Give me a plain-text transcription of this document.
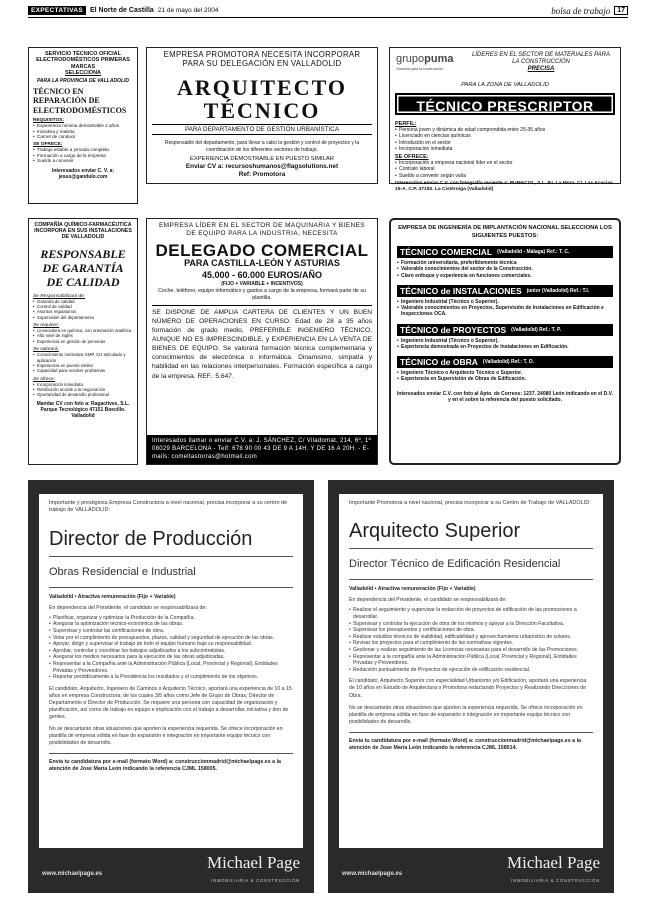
EXPECTATIVAS	El Norte de Castilla 21 de mayo del 2004	bolsa de trabajo	17
SERVICIO TÉCNICO OFICIAL ELECTRODOMÉSTICOS PRIMERAS MARCAS
SELECCIONA
PARA LA PROVINCIA DE VALLADOLID
TÉCNICO EN REPARACIÓN DE ELECTRODOMÉSTICOS
REQUISITOS:
• Experiencia mínima demostrable 2 años
• Iniciativa y realista
• Carnet de conducir
SE OFRECE:
• Trabajo estable a jornada completa
• Formación a cargo de la empresa
• Sueldo a convenir
Interesados enviar C. V. a: jesus@gandulo.com
EMPRESA PROMOTORA NECESITA INCORPORAR PARA SU DELEGACIÓN EN VALLADOLID
ARQUITECTO TÉCNICO
PARA DEPARTAMENTO DE GESTIÓN URBANÍSTICA
Responsable del departamento, para llevar a cabo la gestión y control de proyectos y la coordinación de los diferentes sectores de trabajo.
EXPERIENCIA DEMOSTRABLE EN PUESTO SIMILAR
Enviar CV a: recursoshumanos@flagsolutions.net
Ref: Promotora
grupopuma
Garantía para la construcción
LÍDERES EN EL SECTOR DE MATERIALES PARA LA CONSTRUCCIÓN
PRECISA
PARA LA ZONA DE VALLADOLID
TÉCNICO PRESCRIPTOR
PERFIL:
• Persona joven y dinámica de edad comprendida entre 25-35 años
• Licenciado en ciencias químicas
• Introducido en el sector
• Incorporación inmediata
SE OFRECE:
• Incorporación a empresa nacional líder en el sector
• Contrato laboral
• Sueldo a convenir según valía
Interesados enviar C.V. con fotografía reciente a: PUMACOL, S.L. P.I. La Mora. C/. Las Acacias. 15-A. C.P. 47193. La Cistérniga (Valladolid)
COMPAÑÍA QUÍMICO-FARMACÉUTICA INCORPORA EN SUS INSTALACIONES DE VALLADOLID
RESPONSABLE DE GARANTÍA DE CALIDAD
Se Responsabilizará de:
• Garantía de calidad
• Control de calidad
• Asuntos regulatorios
• Supervisión del departamento
Se requiere:
• Licenciatura en química, con orientación analítica
• Alto nivel de inglés
• Experiencia en gestión de personas
Se valorará:
• Conocimiento normativa GMP, CH articulado y aplicación
• Experiencia en puesto similar
• Capacidad para resolver problemas
Se ofrece:
• Incorporación inmediata
• Retribución acorde a la negociación
• Oportunidad de desarrollo profesional
Mandar CV con foto a: Ragactives, S.L. Parque Tecnológico 47151 Boecillo. Valladolid
EMPRESA LÍDER EN EL SECTOR DE MAQUINARIA Y BIENES DE EQUIPO PARA LA INDUSTRIA, NECESITA
DELEGADO COMERCIAL
PARA CASTILLA-LEÓN Y ASTURIAS
45.000 - 60.000 EUROS/AÑO
(FIJO + VARIABLE + INCENTIVOS)
Coche, teléfono, equipo informático y gastos a cargo de la empresa, formará parte de su plantilla.
SE DISPONE DE AMPLIA CARTERA DE CLIENTES Y UN BUEN NÚMERO DE OPERACIONES EN CURSO. Edad de 28 a 35 años formación de grado medio, PREFERIBLE INGENIERO TÉCNICO, AUNQUE NO ES IMPRESCINDIBLE, y EXPERIENCIA EN LA VENTA DE BIENES DE EQUIPO. Se valorará formación técnica complementaria y conocimientos de electrónica o informática. Dinamismo, simpatía y habilidad en las relaciones interpersonales. Formación específica a cargo de la empresa. REF.: 5.647.
Interesados llamar o enviar C.V. a: J. SÁNCHEZ, C/ Viladomat, 214, 6º, 1ª 08029 BARCELONA - Telf: 678 90 00 43 DE 9 A 14H. Y DE 16 A 20H. - E-mails: comeltastorras@hotmail.com
EMPRESA DE INGENIERÍA DE IMPLANTACIÓN NACIONAL SELECCIONA LOS SIGUIENTES PUESTOS:
TÉCNICO COMERCIAL (Valladolid - Málaga) Ref.: T. C.
• Formación universitaria, preferiblemente técnica
• Valorable conocimientos del sector de la Construcción.
• Claro enfoque y experiencia en funciones comerciales.
TÉCNICO de INSTALACIONES junior (Valladolid) Ref.: T.I.
• Ingeniero Industrial (Técnico o Superior).
• Valorable conocimientos en Proyectos, Supervisión de Instalaciones en Edificación e Inspecciones OCA.
TÉCNICO de PROYECTOS (Valladolid) Ref.: T. P.
• Ingeniero Industrial (Técnico o Superior).
• Experiencia demostrada en Proyectos de Instalaciones en Edificación.
TÉCNICO de OBRA (Valladolid) Ref.: T. O.
• Ingeniero Técnico o Arquitecto Técnico o Superior.
• Experiencia en Supervisión de Obras de Edificación.
Interesados enviar C.V. con foto al Apto. de Correos: 1237. 24080 León indicando en el D.V. y en el sobre la referencia del puesto solicitado.
Importante y prestigiosa Empresa Constructora a nivel nacional, precisa incorporar a su centro de trabajo de VALLADOLID:
Director de Producción
Obras Residencial e Industrial
Valladolid • Atractiva remuneración (Fijo + Variable)
En dependencia del Presidente, el candidato se responsabilizará de:
• Planificar, organizar y optimizar la Producción de la Compañía.
• Asegurar la optimización técnico-económica de las obras.
• Supervisar y controlar las certificaciones de obra.
• Velar por el cumplimiento de presupuestos, plazos, calidad y seguridad de ejecución de las obras.
• Apoyar, dirigir y supervisar el trabajo de todo el equipo humano bajo su responsabilidad.
• Aprobar, controlar y coordinar los trabajos adjudicados a los subcontratistas.
• Asegurar los medios necesarios para la ejecución de las obras adjudicadas.
• Representar a la Compañía ante la Administración Pública (Local, Provincial y Regional), Entidades Privadas y Proveedores.
• Reportar periódicamente a la Presidencia los resultados y el cumplimiento de los objetivos.
El candidato, Arquitecto, Ingeniero de Caminos o Arquitecto Técnico, aportará una experiencia de 10 a 15 años en empresa Constructora, de los cuales 3/5 años como Jefe de Grupo de Obras, Director de Departamento o Director de Producción. Se requiere una persona con capacidad de organización y planificación, así como de trabajo en equipo e implicación con el trabajo a desarrollar, iniciativa y don de gentes.
No se descartarán otras situaciones que aporten la experiencia requerida. Se ofrece incorporación en plantilla de empresa sólida en fase de expansión e integración en importante equipo técnico con posibilidades de desarrollo.
Envía tu candidatura por e-mail (formato Word) a: construccionmadrid@michaelpage.es a la atención de Jose María León indicando la referencia CJML 158005.
www.michaelpage.es
Michael Page
INMOBILIARIA & CONSTRUCCIÓN
Importante Promotora a nivel nacional, precisa incorporar a su Centro de Trabajo de VALLADOLID:
Arquitecto Superior
Director Técnico de Edificación Residencial
Valladolid • Atractiva remuneración (Fijo + Variable)
En dependencia del Presidente, el candidato se responsabilizará de:
• Realizar el seguimiento y supervisar la redacción de proyectos de edificación de las promociones a desarrollar.
• Supervisar y controlar la ejecución de obra de los mismos y apoyar a la Dirección Facultativa.
• Supervisar los presupuestos y certificaciones de obra.
• Realizar estudios técnicos de viabilidad, edificabilidad y aprovechamiento urbanístico de solares.
• Revisar los proyectos para el cumplimiento de las normativas vigentes.
• Gestionar y realizar seguimiento de las Licencias necesarias para el desarrollo de las Promociones.
• Representar a la compañía ante la Administración Pública (Local, Provincial y Regional), Entidades Privadas y Proveedores.
• Redacción puntualmente de Proyectos de ejecución de edificación residencial.
El candidato, Arquitecto Superior con especialidad Urbanismo y/o Edificación, aportará una experiencia de 10 años en Estudio de Arquitectura o Promotora redactando Proyectos y Realizando Direcciones de Obra.
No se descartarán otras situaciones que aporten la experiencia requerida. Se ofrece incorporación en plantilla de empresa sólida en fase de expansión e integración en importante equipo técnico con posibilidades de desarrollo.
Envía tu candidatura por e-mail (formato Word) a: construccionmadrid@michaelpage.es a la atención de Jose María León indicando la referencia CJML 158014.
www.michaelpage.es
Michael Page
INMOBILIARIA & CONSTRUCCIÓN
